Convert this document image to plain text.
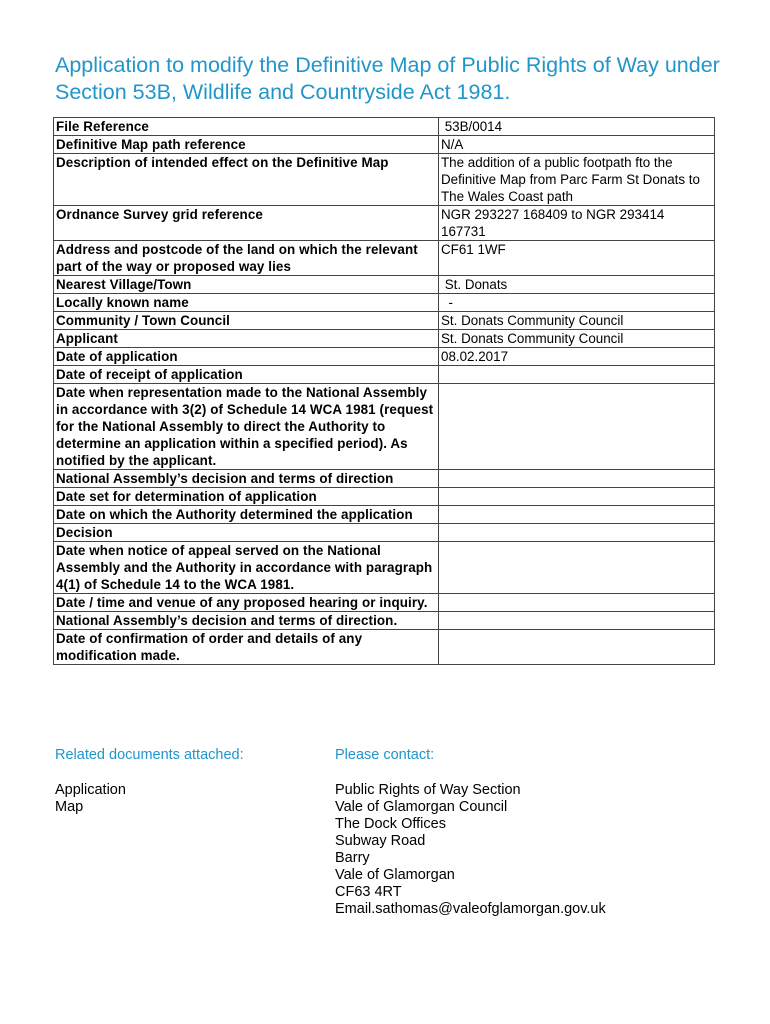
Application to modify the Definitive Map of Public Rights of Way under Section 53B, Wildlife and Countryside Act 1981.
File Reference	53B/0014
Definitive Map path reference	N/A
Description of intended effect on the Definitive Map	The addition of a public footpath fto the Definitive Map from Parc Farm St Donats to The Wales Coast path
Ordnance Survey grid reference	NGR 293227 168409 to NGR 293414 167731
Address and postcode of the land on which the relevant part of the way or proposed way lies	CF61 1WF
Nearest Village/Town	St. Donats
Locally known name	-
Community / Town Council	St. Donats Community Council
Applicant	St. Donats Community Council
Date of application	08.02.2017
Date of receipt of application	
Date when representation made to the National Assembly in accordance with 3(2) of Schedule 14 WCA 1981 (request for the National Assembly to direct the Authority to determine an application within a specified period). As notified by the applicant.	
National Assembly’s decision and terms of direction	
Date set for determination of application	
Date on which the Authority determined the application	
Decision	
Date when notice of appeal served on the National Assembly and the Authority in accordance with paragraph 4(1) of Schedule 14 to the WCA 1981.	
Date / time and venue of any proposed hearing or inquiry.	
National Assembly’s decision and terms of direction.	
Date of confirmation of order and details of any modification made.	
Related documents attached:	Please contact:
Application
Map
Public Rights of Way Section
Vale of Glamorgan Council
The Dock Offices
Subway Road
Barry
Vale of Glamorgan
CF63 4RT
Email.sathomas@valeofglamorgan.gov.uk
